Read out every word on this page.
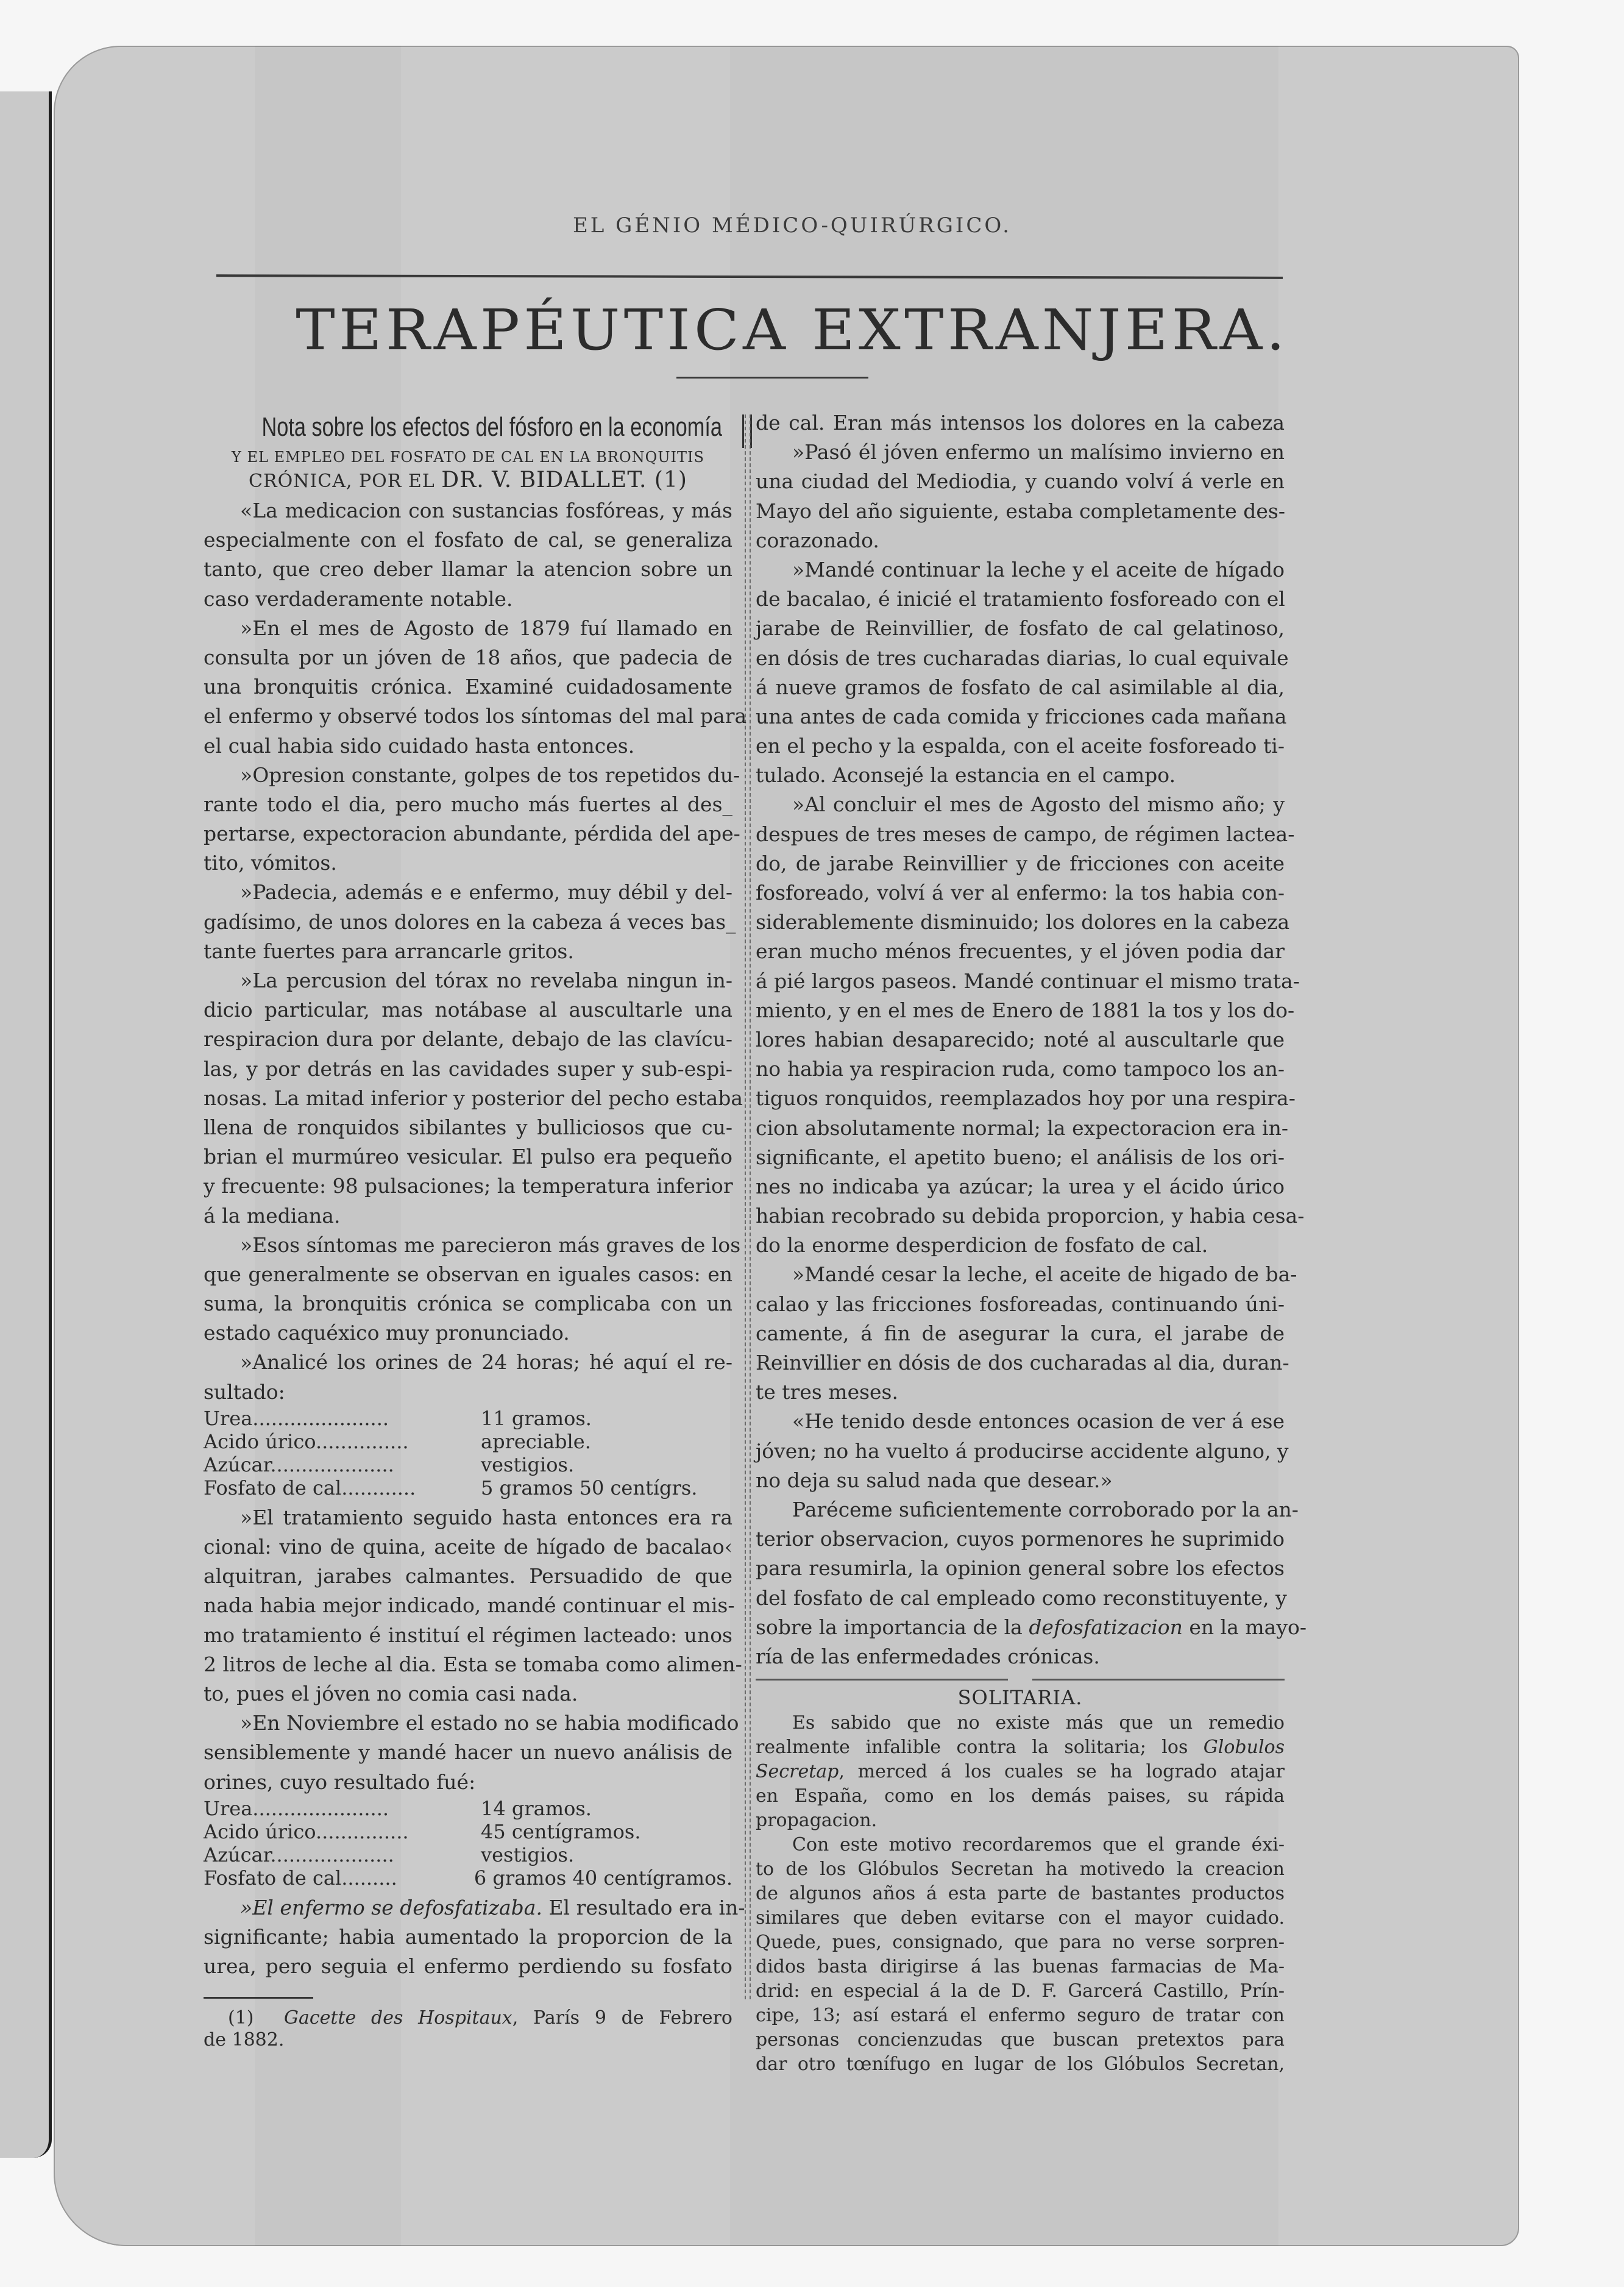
EL GÉNIO MÉDICO-QUIRÚRGICO.
TERAPÉUTICA EXTRANJERA.
Nota sobre los efectos del fósforo en la economía
Y EL EMPLEO DEL FOSFATO DE CAL EN LA BRONQUITIS
CRÓNICA, POR EL DR. V. BIDALLET. (1)
«La medicacion con sustancias fosfóreas, y más
especialmente con el fosfato de cal, se generaliza
tanto, que creo deber llamar la atencion sobre un
caso verdaderamente notable.
»En el mes de Agosto de 1879 fuí llamado en
consulta por un jóven de 18 años, que padecia de
una bronquitis crónica. Examiné cuidadosamente
el enfermo y observé todos los síntomas del mal para
el cual habia sido cuidado hasta entonces.
»Opresion constante, golpes de tos repetidos du-
rante todo el dia, pero mucho más fuertes al des_
pertarse, expectoracion abundante, pérdida del ape-
tito, vómitos.
»Padecia, además e e enfermo, muy débil y del-
gadísimo, de unos dolores en la cabeza á veces bas_
tante fuertes para arrancarle gritos.
»La percusion del tórax no revelaba ningun in-
dicio particular, mas notábase al auscultarle una
respiracion dura por delante, debajo de las clavícu-
las, y por detrás en las cavidades super y sub-espi-
nosas. La mitad inferior y posterior del pecho estaba
llena de ronquidos sibilantes y bulliciosos que cu-
brian el murmúreo vesicular. El pulso era pequeño
y frecuente: 98 pulsaciones; la temperatura inferior
á la mediana.
»Esos síntomas me parecieron más graves de los
que generalmente se observan en iguales casos: en
suma, la bronquitis crónica se complicaba con un
estado caquéxico muy pronunciado.
»Analicé los orines de 24 horas; hé aquí el re-
sultado:
Urea......................	11 gramos.
Acido úrico...............	apreciable.
Azúcar....................	vestigios.
Fosfato de cal............	5 gramos 50 centígrs.
»El tratamiento seguido hasta entonces era ra
cional: vino de quina, aceite de hígado de bacalao‹
alquitran, jarabes calmantes. Persuadido de que
nada habia mejor indicado, mandé continuar el mis-
mo tratamiento é instituí el régimen lacteado: unos
2 litros de leche al dia. Esta se tomaba como alimen-
to, pues el jóven no comia casi nada.
»En Noviembre el estado no se habia modificado
sensiblemente y mandé hacer un nuevo análisis de
orines, cuyo resultado fué:
Urea......................	14 gramos.
Acido úrico...............	45 centígramos.
Azúcar....................	vestigios.
Fosfato de cal.........	6 gramos 40 centígramos.
»El enfermo se defosfatizaba. El resultado era in-
significante; habia aumentado la proporcion de la
urea, pero seguia el enfermo perdiendo su fosfato
(1) Gacette des Hospitaux, París 9 de Febrero
de 1882.
de cal. Eran más intensos los dolores en la cabeza
»Pasó él jóven enfermo un malísimo invierno en
una ciudad del Mediodia, y cuando volví á verle en
Mayo del año siguiente, estaba completamente des-
corazonado.
»Mandé continuar la leche y el aceite de hígado
de bacalao, é inicié el tratamiento fosforeado con el
jarabe de Reinvillier, de fosfato de cal gelatinoso,
en dósis de tres cucharadas diarias, lo cual equivale
á nueve gramos de fosfato de cal asimilable al dia,
una antes de cada comida y fricciones cada mañana
en el pecho y la espalda, con el aceite fosforeado ti-
tulado. Aconsejé la estancia en el campo.
»Al concluir el mes de Agosto del mismo año; y
despues de tres meses de campo, de régimen lactea-
do, de jarabe Reinvillier y de fricciones con aceite
fosforeado, volví á ver al enfermo: la tos habia con-
siderablemente disminuido; los dolores en la cabeza
eran mucho ménos frecuentes, y el jóven podia dar
á pié largos paseos. Mandé continuar el mismo trata-
miento, y en el mes de Enero de 1881 la tos y los do-
lores habian desaparecido; noté al auscultarle que
no habia ya respiracion ruda, como tampoco los an-
tiguos ronquidos, reemplazados hoy por una respira-
cion absolutamente normal; la expectoracion era in-
significante, el apetito bueno; el análisis de los ori-
nes no indicaba ya azúcar; la urea y el ácido úrico
habian recobrado su debida proporcion, y habia cesa-
do la enorme desperdicion de fosfato de cal.
»Mandé cesar la leche, el aceite de higado de ba-
calao y las fricciones fosforeadas, continuando úni-
camente, á fin de asegurar la cura, el jarabe de
Reinvillier en dósis de dos cucharadas al dia, duran-
te tres meses.
«He tenido desde entonces ocasion de ver á ese
jóven; no ha vuelto á producirse accidente alguno, y
no deja su salud nada que desear.»
Paréceme suficientemente corroborado por la an-
terior observacion, cuyos pormenores he suprimido
para resumirla, la opinion general sobre los efectos
del fosfato de cal empleado como reconstituyente, y
sobre la importancia de la defosfatizacion en la mayo-
ría de las enfermedades crónicas.
SOLITARIA.
Es sabido que no existe más que un remedio
realmente infalible contra la solitaria; los Globulos
Secretap, merced á los cuales se ha logrado atajar
en España, como en los demás paises, su rápida
propagacion.
Con este motivo recordaremos que el grande éxi-
to de los Glóbulos Secretan ha motivedo la creacion
de algunos años á esta parte de bastantes productos
similares que deben evitarse con el mayor cuidado.
Quede, pues, consignado, que para no verse sorpren-
didos basta dirigirse á las buenas farmacias de Ma-
drid: en especial á la de D. F. Garcerá Castillo, Prín-
cipe, 13; así estará el enfermo seguro de tratar con
personas concienzudas que buscan pretextos para
dar otro tœnífugo en lugar de los Glóbulos Secretan,
